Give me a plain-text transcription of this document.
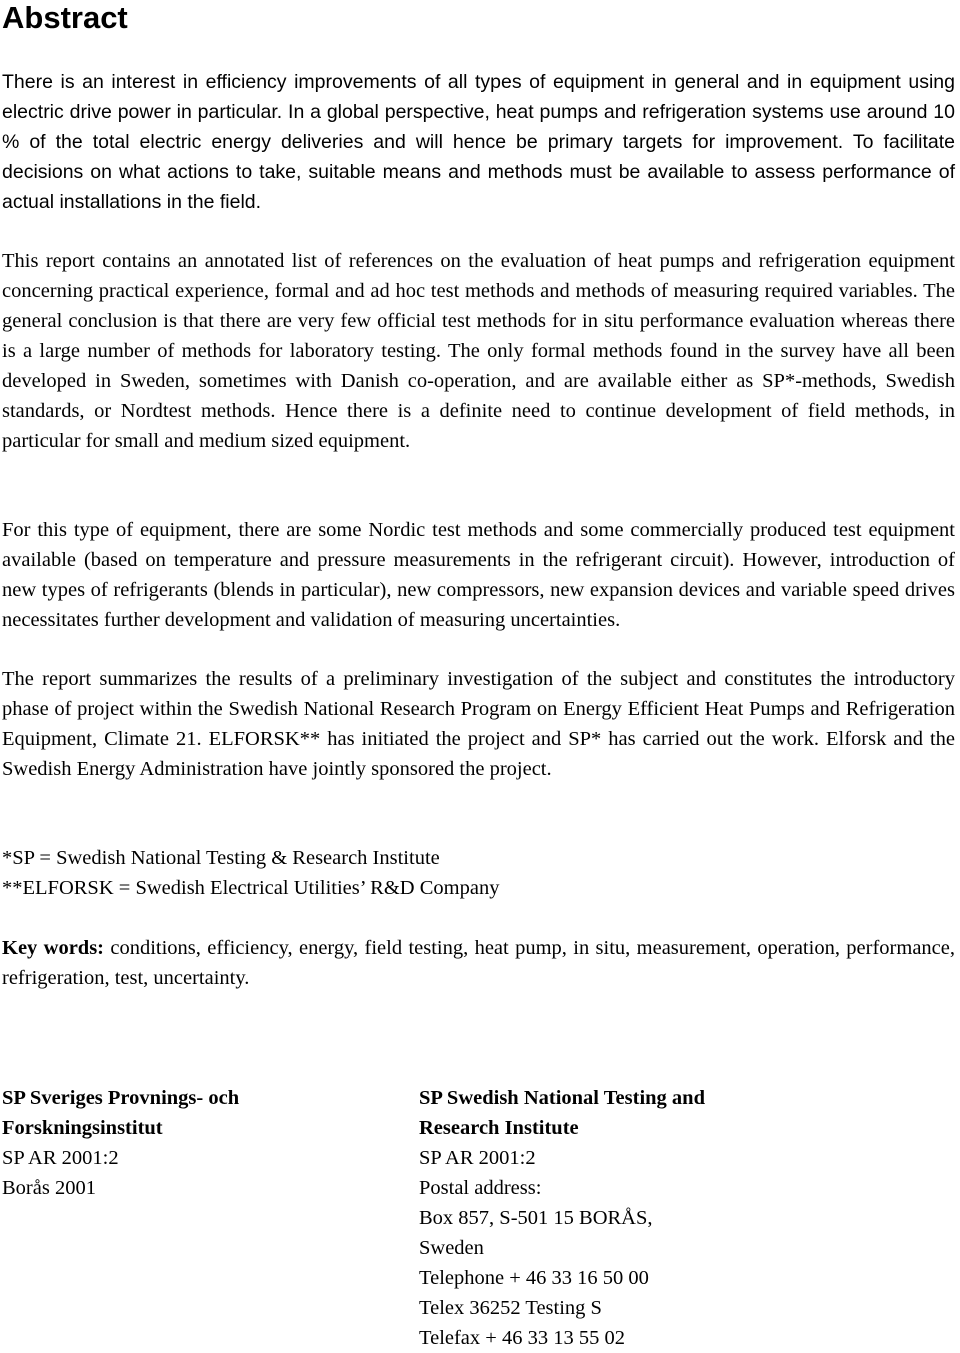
Abstract

There is an interest in efficiency improvements of all types of equipment in general and in equipment using electric drive power in particular. In a global perspective, heat pumps and refrigeration systems use around 10 % of the total electric energy deliveries and will hence be primary targets for improvement. To facilitate decisions on what actions to take, suitable means and methods must be available to assess performance of actual installations in the field.

This report contains an annotated list of references on the evaluation of heat pumps and refrigeration equipment concerning practical experience, formal and ad hoc test methods and methods of measuring required variables. The general conclusion is that there are very few official test methods for in situ performance evaluation whereas there is a large number of methods for laboratory testing. The only formal methods found in the survey have all been developed in Sweden, sometimes with Danish co-operation, and are available either as SP*-methods, Swedish standards, or Nordtest methods. Hence there is a definite need to continue development of field methods, in particular for small and medium sized equipment.

For this type of equipment, there are some Nordic test methods and some commercially produced test equipment available (based on temperature and pressure measurements in the refrigerant circuit). However, introduction of new types of refrigerants (blends in particular), new compressors, new expansion devices and variable speed drives necessitates further development and validation of measuring uncertainties.

The report summarizes the results of a preliminary investigation of the subject and constitutes the introductory phase of project within the Swedish National Research Program on Energy Efficient Heat Pumps and Refrigeration Equipment, Climate 21. ELFORSK** has initiated the project and SP* has carried out the work. Elforsk and the Swedish Energy Administration have jointly sponsored the project.

*SP = Swedish National Testing & Research Institute

**ELFORSK = Swedish Electrical Utilities’ R&D Company

Key words: conditions, efficiency, energy, field testing, heat pump, in situ, measurement, operation, performance, refrigeration, test, uncertainty.

SP Sveriges Provnings- och
Forskningsinstitut
SP AR 2001:2
Borås 2001
SP Swedish National Testing and
Research Institute
SP AR 2001:2
Postal address:
Box 857, S-501 15 BORÅS,
Sweden
Telephone + 46 33 16 50 00
Telex 36252 Testing S
Telefax + 46 33 13 55 02
